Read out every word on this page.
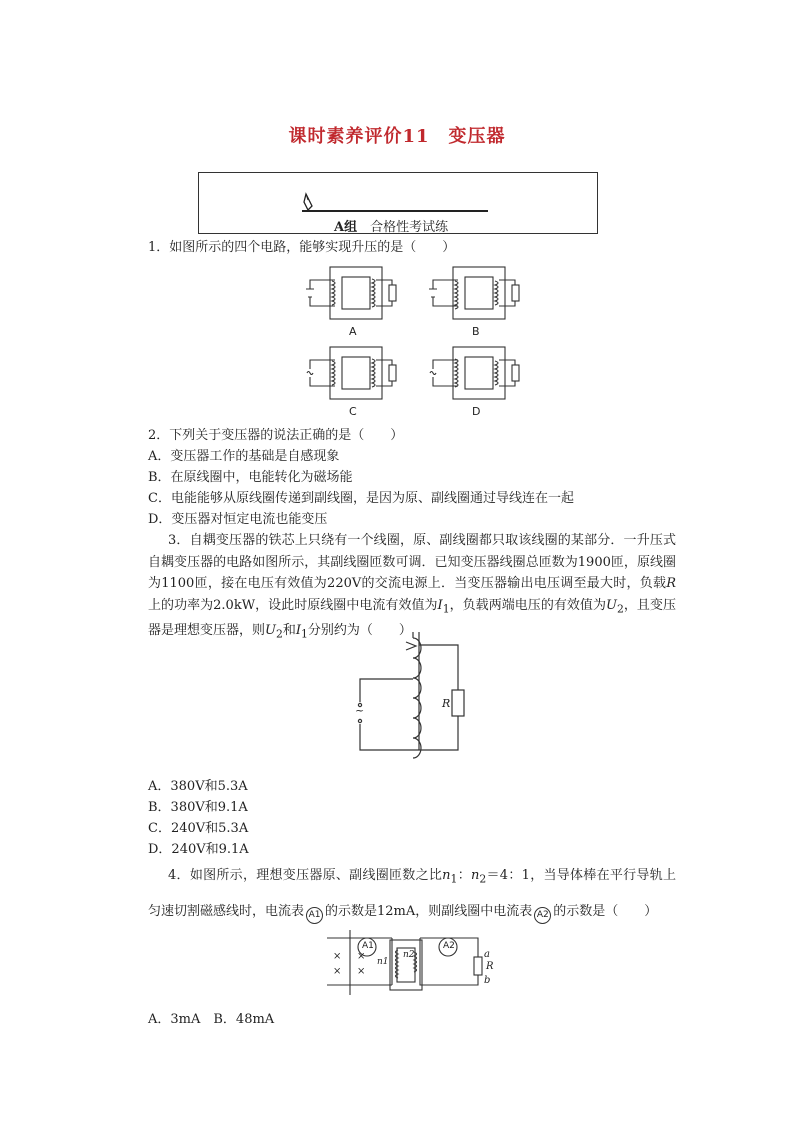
课时素养评价11　变压器
A组　合格性考试练
1．如图所示的四个电路，能够实现升压的是（　　）
A	B
C	D
2．下列关于变压器的说法正确的是（　　）
A．变压器工作的基础是自感现象
B．在原线圈中，电能转化为磁场能
C．电能能够从原线圈传递到副线圈，是因为原、副线圈通过导线连在一起
D．变压器对恒定电流也能变压
3．自耦变压器的铁芯上只绕有一个线圈，原、副线圈都只取该线圈的某部分．一升压式自耦变压器的电路如图所示，其副线圈匝数可调．已知变压器线圈总匝数为1900匝，原线圈为1100匝，接在电压有效值为220V的交流电源上．当变压器输出电压调至最大时，负载R上的功率为2.0kW，设此时原线圈中电流有效值为$I_1$，负载两端电压的有效值为$U_2$，且变压器是理想变压器，则$U_2$和$I_1$分别约为（　　）
R
~
A．380V和5.3A
B．380V和9.1A
C．240V和5.3A
D．240V和9.1A
4．如图所示，理想变压器原、副线圈匝数之比$n_1$：$n_2=4$：1，当导体棒在平行导轨上匀速切割磁感线时，电流表 A1 的示数是12mA，则副线圈中电流表 A2 的示数是（　　）
A1	A2
n1
n2	a
R
b
× ×
× ×
A．3mA　B．48mA
